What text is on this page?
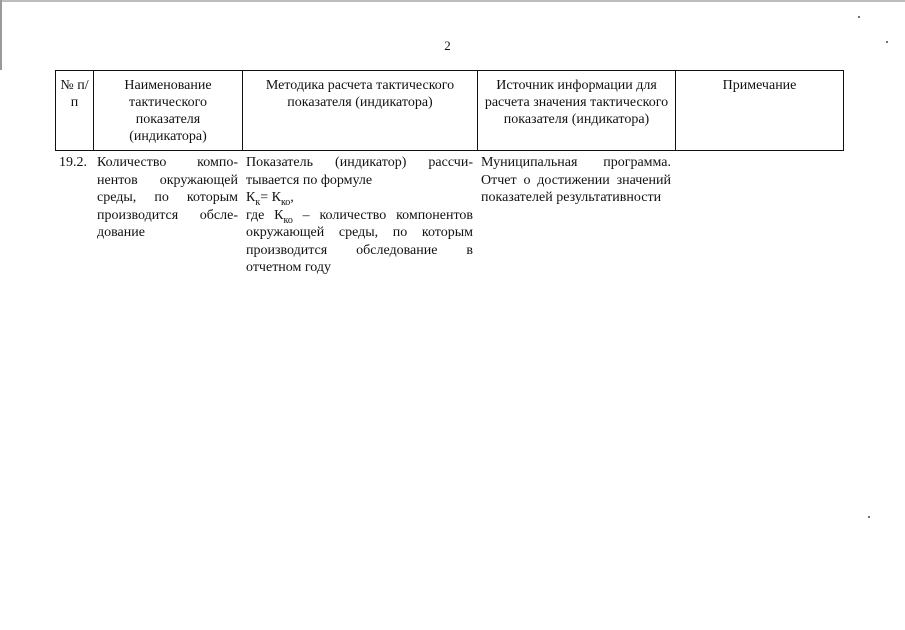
2
№ п/п	Наименование тактического показателя (индикатора)	Методика расчета тактического показателя (индикатора)	Источник информации для расчета значения тактического показателя (индикатора)	Примечание
19.2.	Количество компонентов окружающей среды, по которым производится обследование	Показатель (индикатор) рассчитывается по формуле
$К_к= К_{ко}$,
где $К_{ко}$ – количество компонентов окружающей среды, по которым производится обследование в отчетном году	Муниципальная программа. Отчет о достижении значений показателей результативности	
